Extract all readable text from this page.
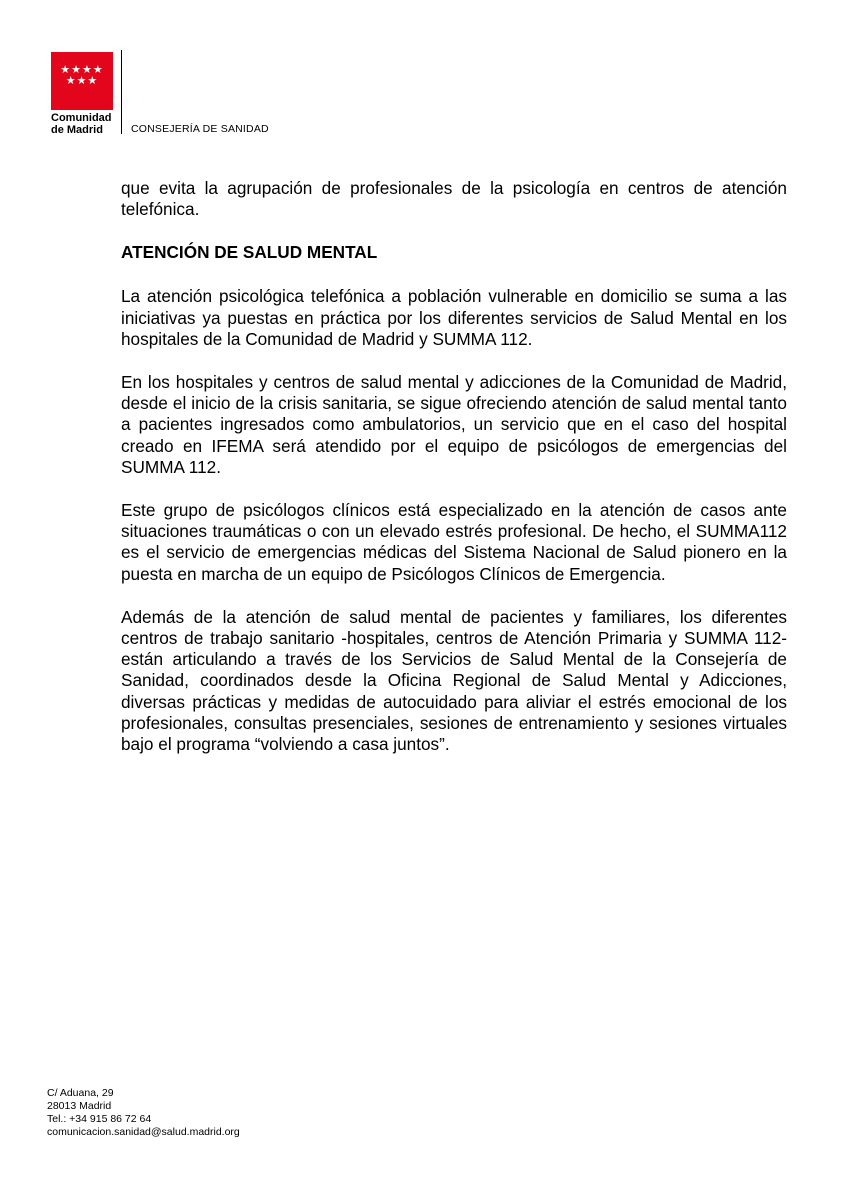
★★★★
★★★
Comunidad
de Madrid	CONSEJERÍA DE SANIDAD

que evita la agrupación de profesionales de la psicología en centros de atención telefónica.

ATENCIÓN DE SALUD MENTAL

La atención psicológica telefónica a población vulnerable en domicilio se suma a las iniciativas ya puestas en práctica por los diferentes servicios de Salud Mental en los hospitales de la Comunidad de Madrid y SUMMA 112.

En los hospitales y centros de salud mental y adicciones de la Comunidad de Madrid, desde el inicio de la crisis sanitaria, se sigue ofreciendo atención de salud mental tanto a pacientes ingresados como ambulatorios, un servicio que en el caso del hospital creado en IFEMA será atendido por el equipo de psicólogos de emergencias del SUMMA 112.

Este grupo de psicólogos clínicos está especializado en la atención de casos ante situaciones traumáticas o con un elevado estrés profesional. De hecho, el SUMMA112 es el servicio de emergencias médicas del Sistema Nacional de Salud pionero en la puesta en marcha de un equipo de Psicólogos Clínicos de Emergencia.

Además de la atención de salud mental de pacientes y familiares, los diferentes centros de trabajo sanitario -hospitales, centros de Atención Primaria y SUMMA 112- están articulando a través de los Servicios de Salud Mental de la Consejería de Sanidad, coordinados desde la Oficina Regional de Salud Mental y Adicciones, diversas prácticas y medidas de autocuidado para aliviar el estrés emocional de los profesionales, consultas presenciales, sesiones de entrenamiento y sesiones virtuales bajo el programa “volviendo a casa juntos”.

C/ Aduana, 29
28013 Madrid
Tel.: +34 915 86 72 64
comunicacion.sanidad@salud.madrid.org
